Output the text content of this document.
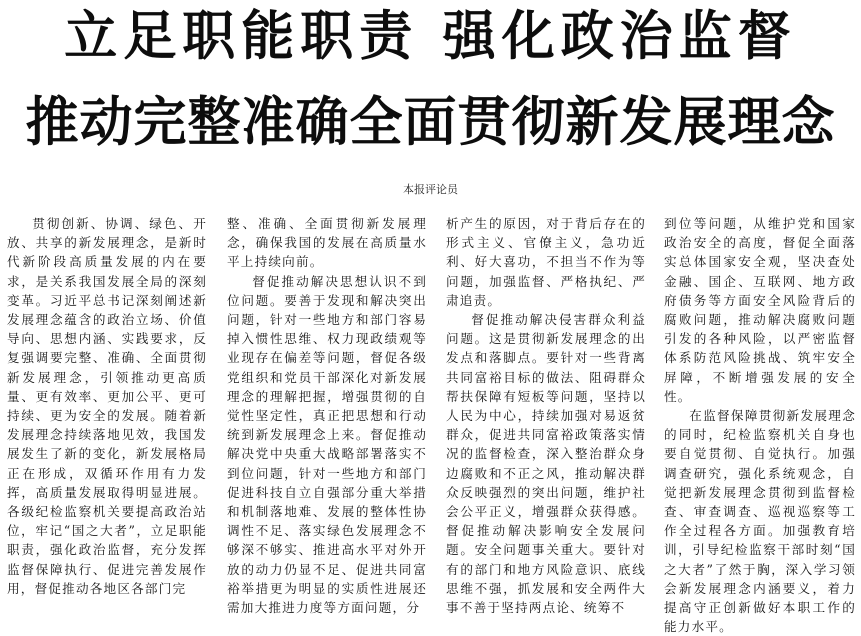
立足职能职责 强化政治监督
推动完整准确全面贯彻新发展理念
本报评论员

贯彻创新、协调、绿色、开放、共享的新发展理念，是新时代新阶段高质量发展的内在要求，是关系我国发展全局的深刻变革。习近平总书记深刻阐述新发展理念蕴含的政治立场、价值导向、思想内涵、实践要求，反复强调要完整、准确、全面贯彻新发展理念，引领推动更高质量、更有效率、更加公平、更可持续、更为安全的发展。随着新发展理念持续落地见效，我国发展发生了新的变化，新发展格局正在形成，双循环作用有力发挥，高质量发展取得明显进展。各级纪检监察机关要提高政治站位，牢记“国之大者”，立足职能职责，强化政治监督，充分发挥监督保障执行、促进完善发展作用，督促推动各地区各部门完

整、准确、全面贯彻新发展理念，确保我国的发展在高质量水平上持续向前。

督促推动解决思想认识不到位问题。要善于发现和解决突出问题，针对一些地方和部门容易掉入惯性思维、权力现政绩观等业现存在偏差等问题，督促各级党组织和党员干部深化对新发展理念的理解把握，增强贯彻的自觉性坚定性，真正把思想和行动统到新发展理念上来。督促推动解决党中央重大战略部署落实不到位问题，针对一些地方和部门促进科技自立自强部分重大举措和机制落地难、发展的整体性协调性不足、落实绿色发展理念不够深不够实、推进高水平对外开放的动力仍显不足、促进共同富裕举措更为明显的实质性进展还需加大推进力度等方面问题，分

析产生的原因，对于背后存在的形式主义、官僚主义，急功近利、好大喜功，不担当不作为等问题，加强监督、严格执纪、严肃追责。

督促推动解决侵害群众利益问题。这是贯彻新发展理念的出发点和落脚点。要针对一些背离共同富裕目标的做法、阻碍群众帮扶保障有短板等问题，坚持以人民为中心，持续加强对易返贫群众，促进共同富裕政策落实情况的监督检查，深入整治群众身边腐败和不正之风，推动解决群众反映强烈的突出问题，维护社会公平正义，增强群众获得感。督促推动解决影响安全发展问题。安全问题事关重大。要针对有的部门和地方风险意识、底线思维不强，抓发展和安全两件大事不善于坚持两点论、统筹不

到位等问题，从维护党和国家政治安全的高度，督促全面落实总体国家安全观，坚决查处金融、国企、互联网、地方政府债务等方面安全风险背后的腐败问题，推动解决腐败问题引发的各种风险，以严密监督体系防范风险挑战、筑牢安全屏障，不断增强发展的安全性。

在监督保障贯彻新发展理念的同时，纪检监察机关自身也要自觉贯彻、自觉执行。加强调查研究，强化系统观念，自觉把新发展理念贯彻到监督检查、审查调查、巡视巡察等工作全过程各方面。加强教育培训，引导纪检监察干部时刻“国之大者”了然于胸，深入学习领会新发展理念内涵要义，着力提高守正创新做好本职工作的能力水平。
